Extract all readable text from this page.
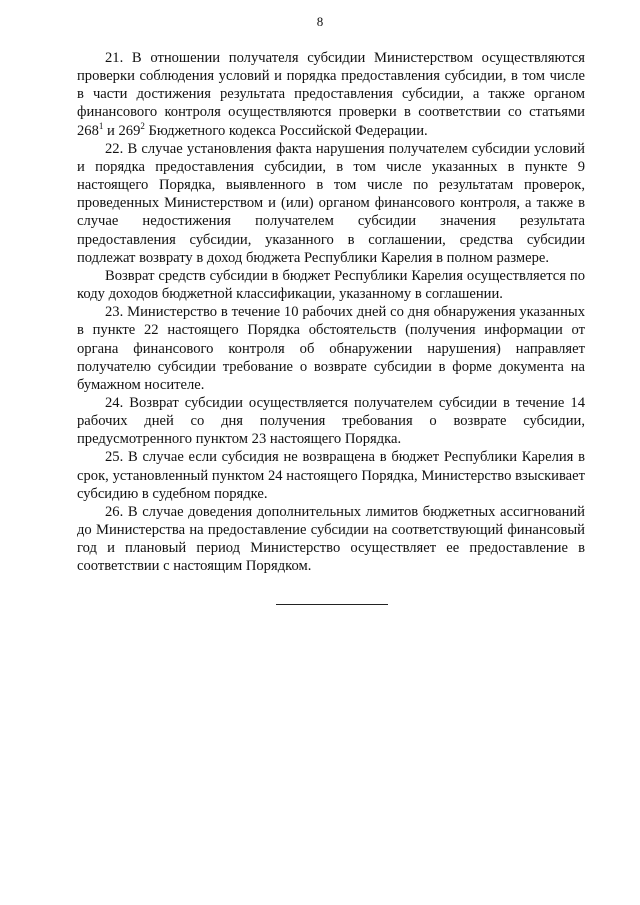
8

21. В отношении получателя субсидии Министерством осуществляются проверки соблюдения условий и порядка предоставления субсидии, в том числе в части достижения результата предоставления субсидии, а также органом финансового контроля осуществляются проверки в соответствии со статьями $268^1$ и $269^2$ Бюджетного кодекса Российской Федерации.

22. В случае установления факта нарушения получателем субсидии условий и порядка предоставления субсидии, в том числе указанных в пункте 9 настоящего Порядка, выявленного в том числе по результатам проверок, проведенных Министерством и (или) органом финансового контроля, а также в случае недостижения получателем субсидии значения результата предоставления субсидии, указанного в соглашении, средства субсидии подлежат возврату в доход бюджета Республики Карелия в полном размере.

Возврат средств субсидии в бюджет Республики Карелия осуществляется по коду доходов бюджетной классификации, указанному в соглашении.

23. Министерство в течение 10 рабочих дней со дня обнаружения указанных в пункте 22 настоящего Порядка обстоятельств (получения информации от органа финансового контроля об обнаружении нарушения) направляет получателю субсидии требование о возврате субсидии в форме документа на бумажном носителе.

24. Возврат субсидии осуществляется получателем субсидии в течение 14 рабочих дней со дня получения требования о возврате субсидии, предусмотренного пунктом 23 настоящего Порядка.

25. В случае если субсидия не возвращена в бюджет Республики Карелия в срок, установленный пунктом 24 настоящего Порядка, Министерство взыскивает субсидию в судебном порядке.

26. В случае доведения дополнительных лимитов бюджетных ассигнований до Министерства на предоставление субсидии на соответствующий финансовый год и плановый период Министерство осуществляет ее предоставление в соответствии с настоящим Порядком.
